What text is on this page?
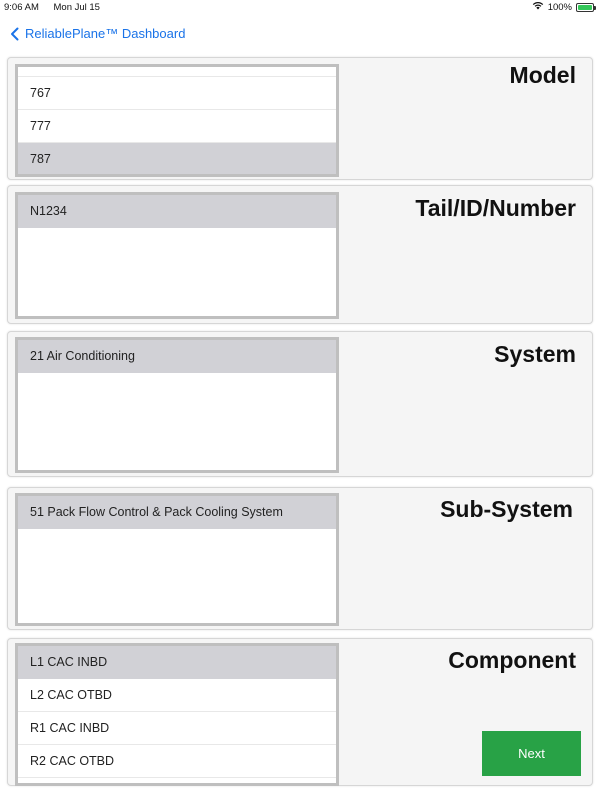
9:06 AM Mon Jul 15	100%
ReliablePlane™ Dashboard
Model
767
777
787
Tail/ID/Number
N1234
System
21 Air Conditioning
Sub-System
51 Pack Flow Control & Pack Cooling System
Component
L1 CAC INBD
L2 CAC OTBD
R1 CAC INBD
R2 CAC OTBD	Next
